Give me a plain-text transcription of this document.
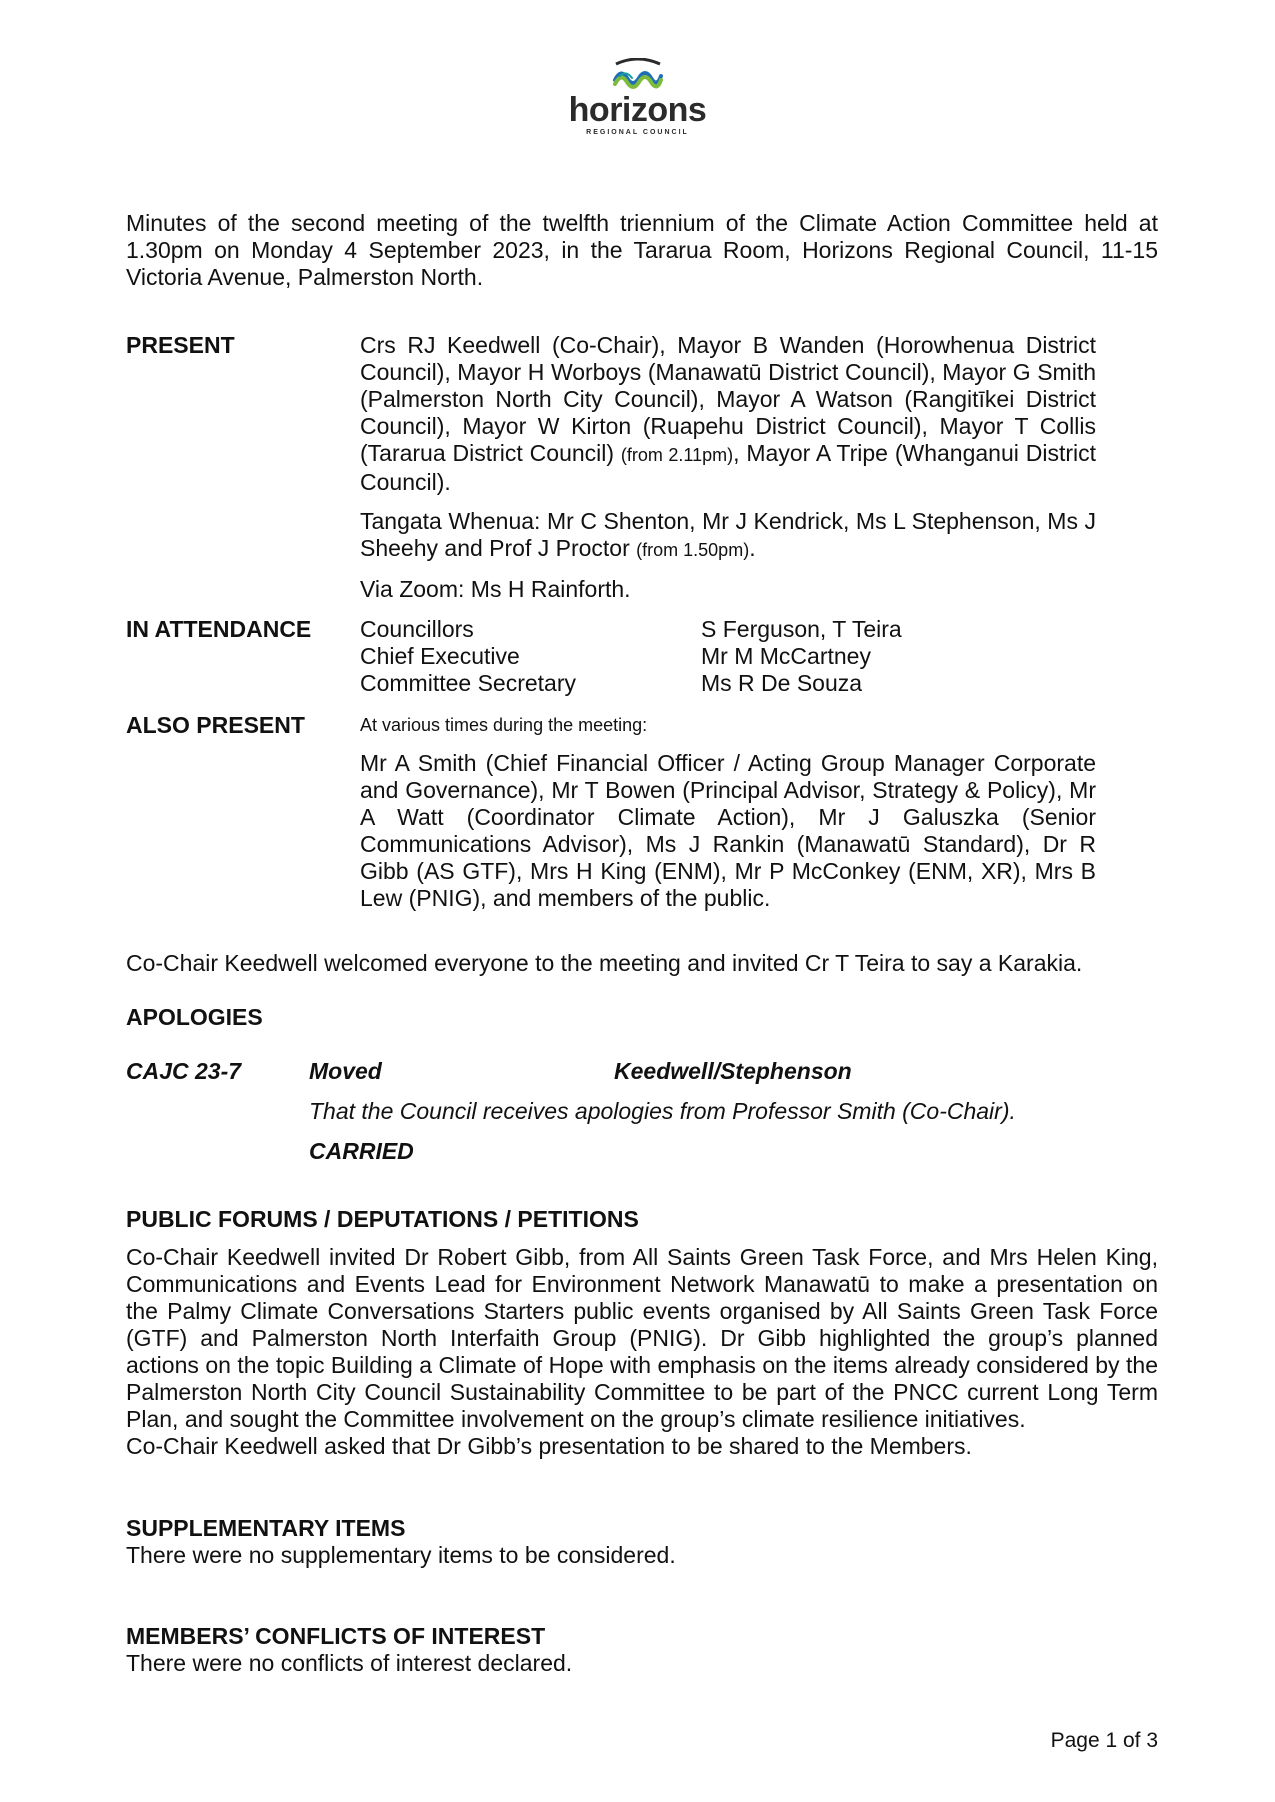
horizons
REGIONAL COUNCIL

Minutes of the second meeting of the twelfth triennium of the Climate Action Committee held at 1.30pm on Monday 4 September 2023, in the Tararua Room, Horizons Regional Council, 11-15 Victoria Avenue, Palmerston North.

PRESENT	Crs RJ Keedwell (Co-Chair), Mayor B Wanden (Horowhenua District Council), Mayor H Worboys (Manawatū District Council), Mayor G Smith (Palmerston North City Council), Mayor A Watson (Rangitīkei District Council), Mayor W Kirton (Ruapehu District Council), Mayor T Collis (Tararua District Council) (from 2.11pm), Mayor A Tripe (Whanganui District Council).

Tangata Whenua: Mr C Shenton, Mr J Kendrick, Ms L Stephenson, Ms J Sheehy and Prof J Proctor (from 1.50pm).

Via Zoom: Ms H Rainforth.

IN ATTENDANCE Councillors	S Ferguson, T Teira
Chief Executive	Mr M McCartney
Committee Secretary	Ms R De Souza
ALSO PRESENT	At various times during the meeting:

Mr A Smith (Chief Financial Officer / Acting Group Manager Corporate and Governance), Mr T Bowen (Principal Advisor, Strategy & Policy), Mr A Watt (Coordinator Climate Action), Mr J Galuszka (Senior Communications Advisor), Ms J Rankin (Manawatū Standard), Dr R Gibb (AS GTF), Mrs H King (ENM), Mr P McConkey (ENM, XR), Mrs B Lew (PNIG), and members of the public.

Co-Chair Keedwell welcomed everyone to the meeting and invited Cr T Teira to say a Karakia.

APOLOGIES
CAJC 23-7	Moved	Keedwell/Stephenson
That the Council receives apologies from Professor Smith (Co-Chair).
CARRIED
PUBLIC FORUMS / DEPUTATIONS / PETITIONS

Co-Chair Keedwell invited Dr Robert Gibb, from All Saints Green Task Force, and Mrs Helen King, Communications and Events Lead for Environment Network Manawatū to make a presentation on the Palmy Climate Conversations Starters public events organised by All Saints Green Task Force (GTF) and Palmerston North Interfaith Group (PNIG). Dr Gibb highlighted the group’s planned actions on the topic Building a Climate of Hope with emphasis on the items already considered by the Palmerston North City Council Sustainability Committee to be part of the PNCC current Long Term Plan, and sought the Committee involvement on the group’s climate resilience initiatives.

Co-Chair Keedwell asked that Dr Gibb’s presentation to be shared to the Members.

SUPPLEMENTARY ITEMS

There were no supplementary items to be considered.

MEMBERS’ CONFLICTS OF INTEREST

There were no conflicts of interest declared.

Page 1 of 3
